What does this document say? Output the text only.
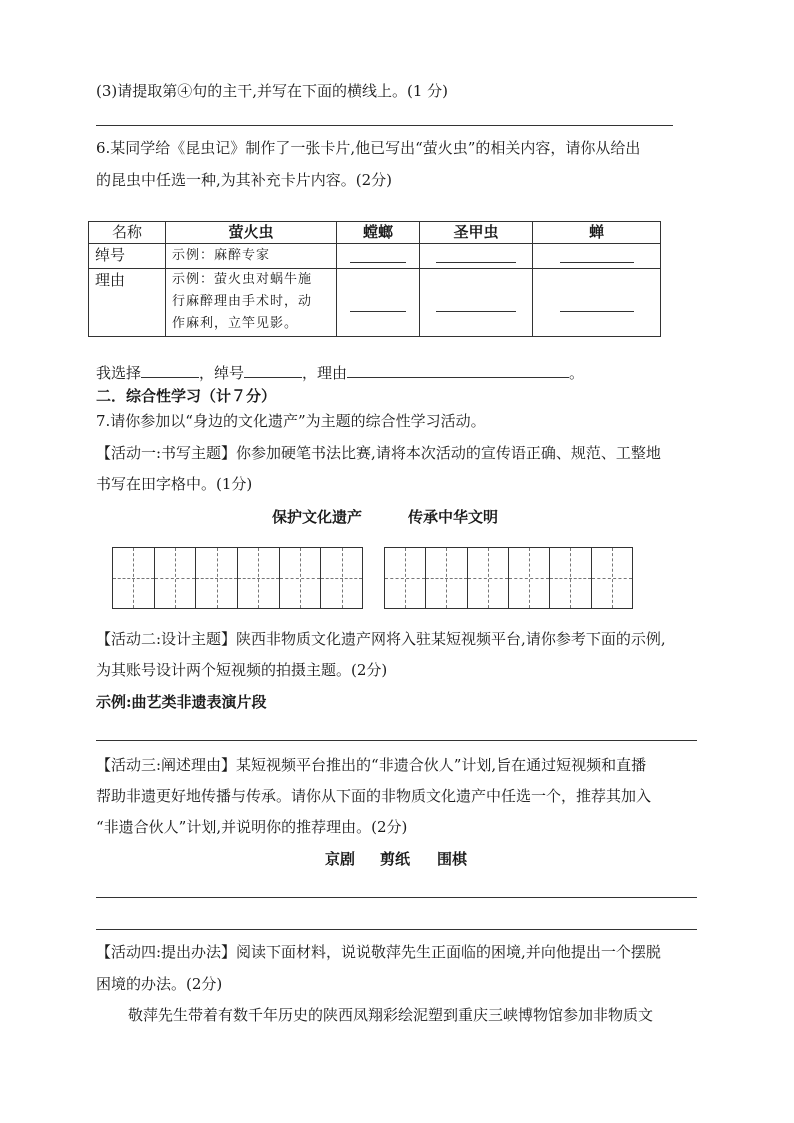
(3)请提取第④句的主干,并写在下面的横线上。(1 分)
6.某同学给《昆虫记》制作了一张卡片,他已写出“萤火虫”的相关内容，请你从给出
的昆虫中任选一种,为其补充卡片内容。(2分)
名称	萤火虫	螳螂	圣甲虫	蝉
绰号	示例：麻醉专家			
理由	示例：萤火虫对蜗牛施
行麻醉理由手术时，动
作麻利，立竿见影。			

我选择	，绰号	，理由	。
二．综合性学习（计７分）
7.请你参加以“身边的文化遗产”为主题的综合性学习活动。
【活动一:书写主题】你参加硬笔书法比赛,请将本次活动的宣传语正确、规范、工整地
书写在田字格中。(1分)
保护文化遗产	传承中华文明
【活动二:设计主题】陕西非物质文化遗产网将入驻某短视频平台,请你参考下面的示例,
为其账号设计两个短视频的拍摄主题。(2分)
示例:曲艺类非遗表演片段
【活动三:阐述理由】某短视频平台推出的“非遗合伙人”计划,旨在通过短视频和直播
帮助非遗更好地传播与传承。请你从下面的非物质文化遗产中任选一个，推荐其加入
“非遗合伙人”计划,并说明你的推荐理由。(2分)
京剧 剪纸 围棋
【活动四:提出办法】阅读下面材料，说说敬萍先生正面临的困境,并向他提出一个摆脱
困境的办法。(2分)
敬萍先生带着有数千年历史的陕西凤翔彩绘泥塑到重庆三峡博物馆参加非物质文
